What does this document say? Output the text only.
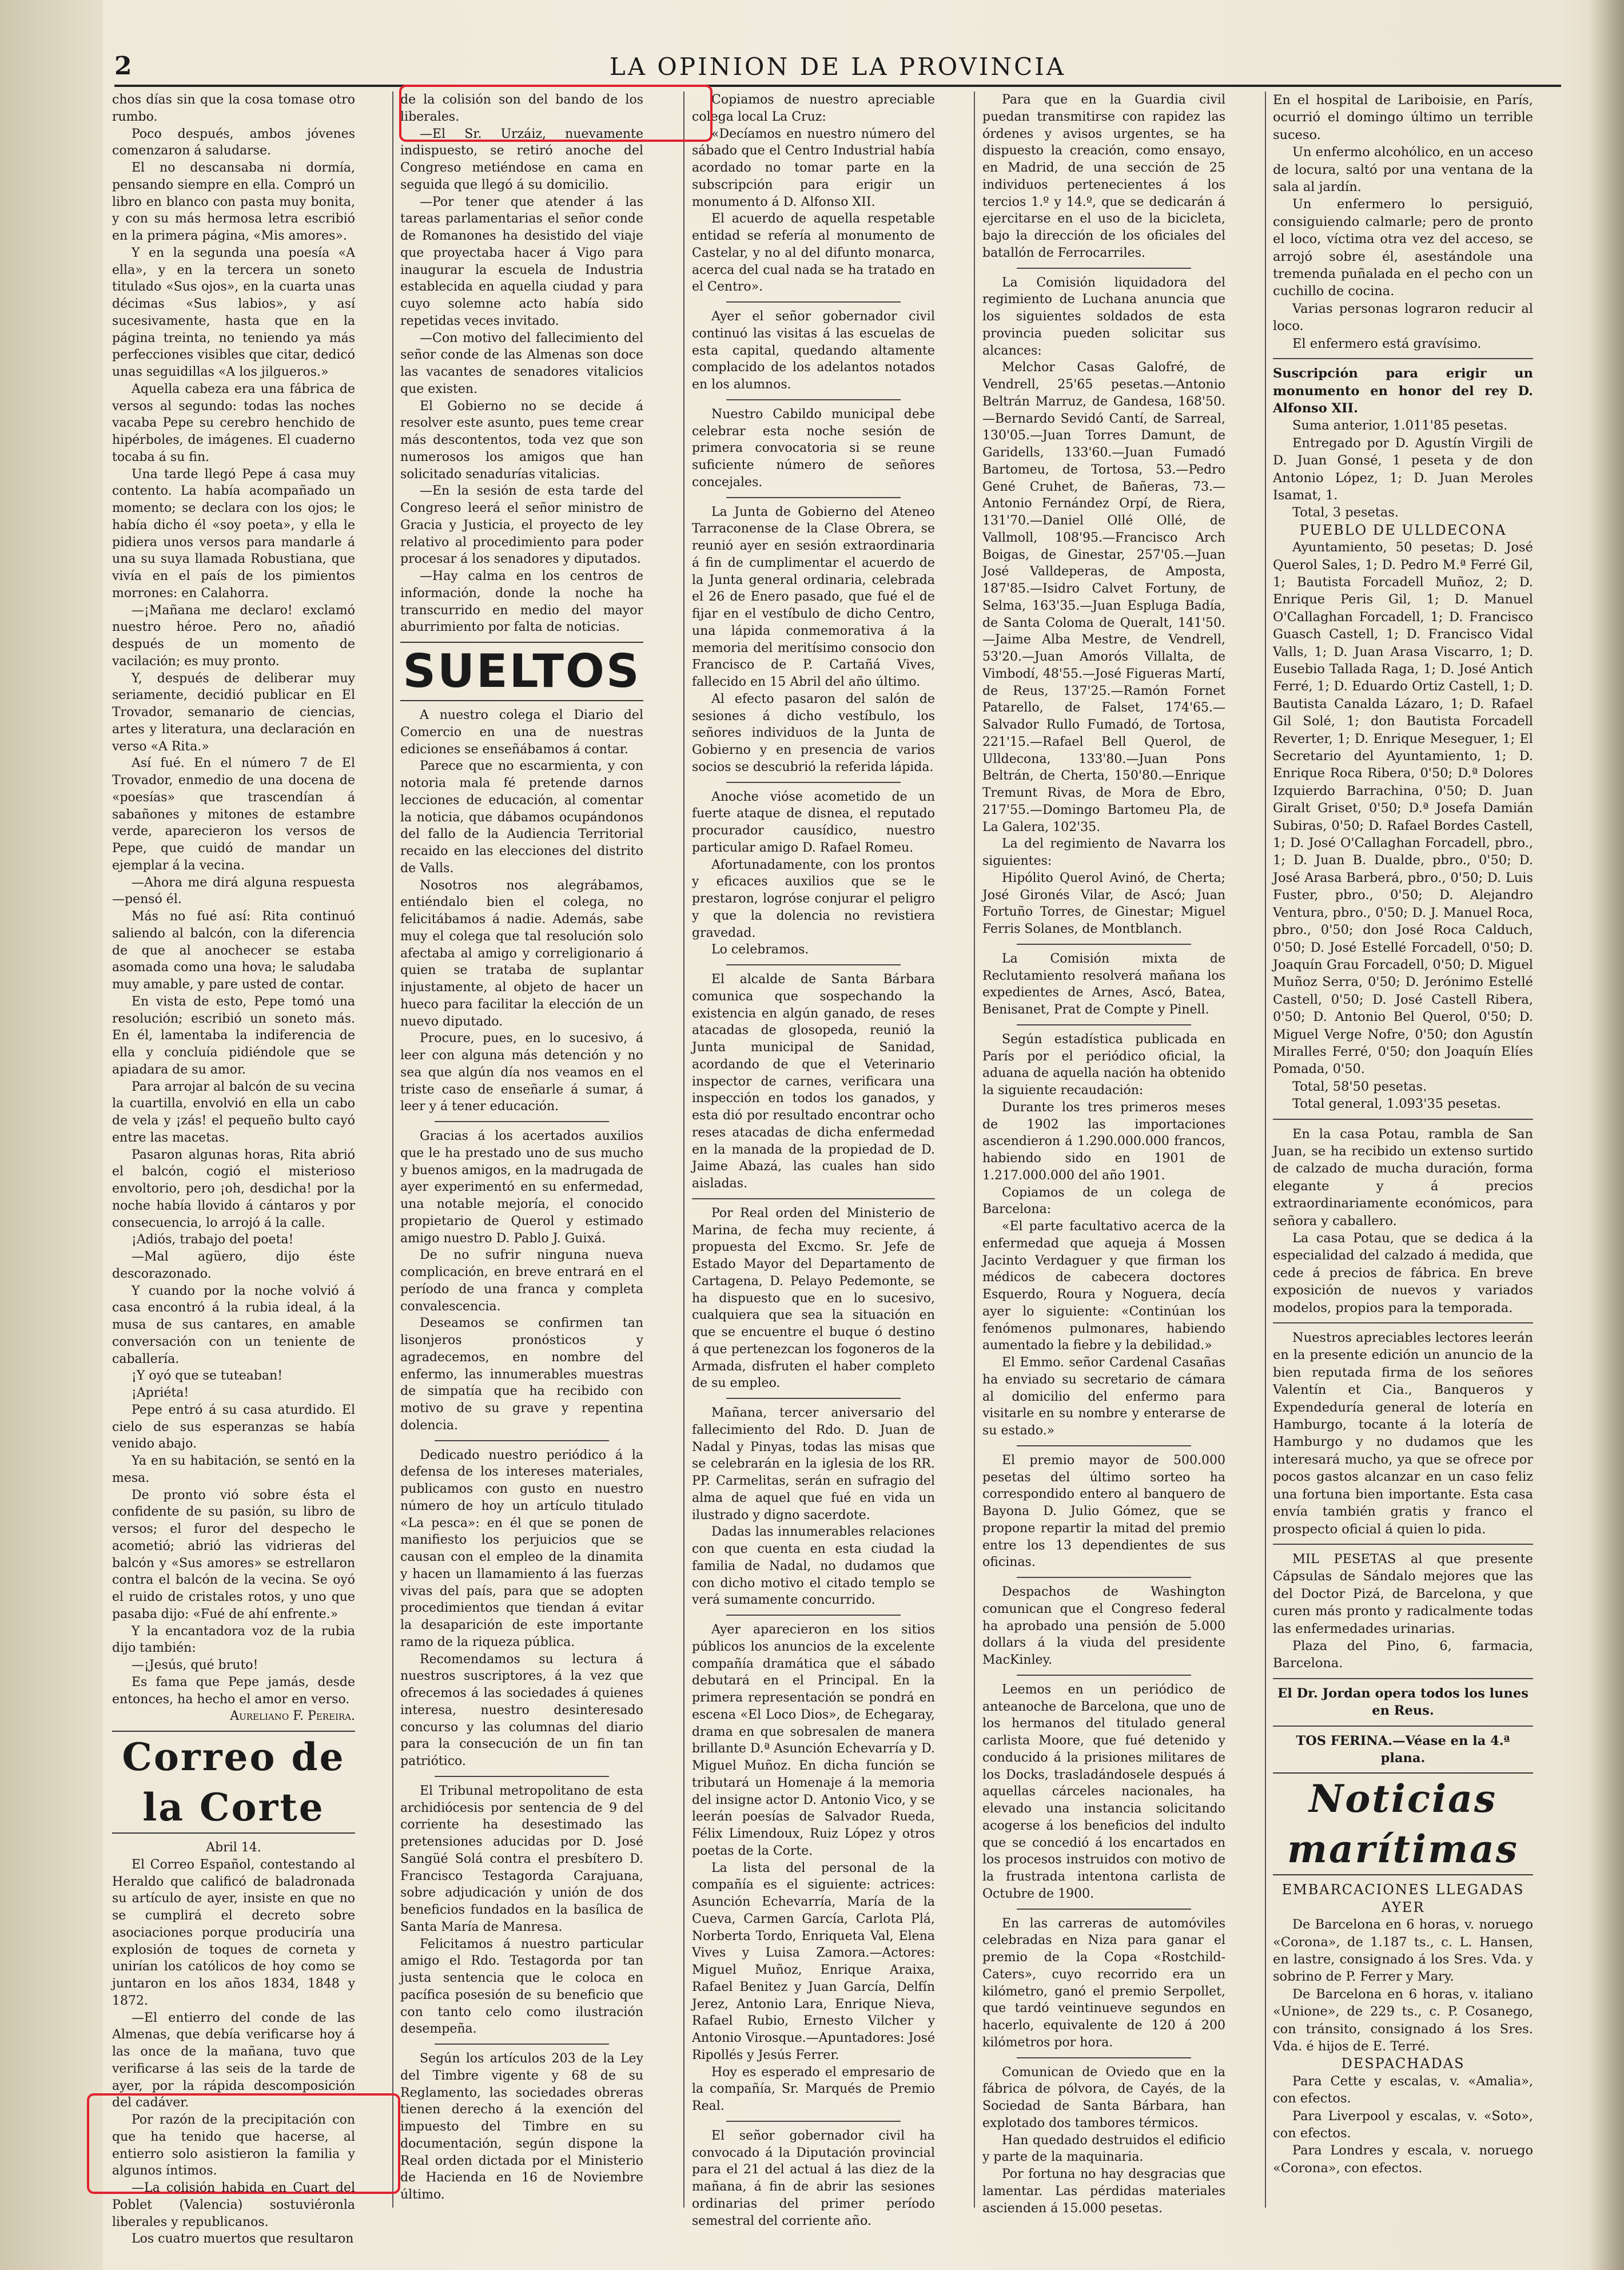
2	LA OPINION DE LA PROVINCIA

chos días sin que la cosa tomase otro rumbo.

Poco después, ambos jóvenes comenzaron á saludarse.

El no descansaba ni dormía, pensando siempre en ella. Compró un libro en blanco con pasta muy bonita, y con su más hermosa letra escribió en la primera página, «Mis amores».

Y en la segunda una poesía «A ella», y en la tercera un soneto titulado «Sus ojos», en la cuarta unas décimas «Sus labios», y así sucesivamente, hasta que en la página treinta, no teniendo ya más perfecciones visibles que citar, dedicó unas seguidillas «A los jilgueros.»

Aquella cabeza era una fábrica de versos al segundo: todas las noches vacaba Pepe su cerebro henchido de hipérboles, de imágenes. El cuaderno tocaba á su fin.

Una tarde llegó Pepe á casa muy contento. La había acompañado un momento; se declara con los ojos; le había dicho él «soy poeta», y ella le pidiera unos versos para mandarle á una su suya llamada Robustiana, que vivía en el país de los pimientos morrones: en Calahorra.

—¡Mañana me declaro! exclamó nuestro héroe. Pero no, añadió después de un momento de vacilación; es muy pronto.

Y, después de deliberar muy seriamente, decidió publicar en El Trovador, semanario de ciencias, artes y literatura, una declaración en verso «A Rita.»

Así fué. En el número 7 de El Trovador, enmedio de una docena de «poesías» que trascendían á sabañones y mitones de estambre verde, aparecieron los versos de Pepe, que cuidó de mandar un ejemplar á la vecina.

—Ahora me dirá alguna respuesta—pensó él.

Más no fué así: Rita continuó saliendo al balcón, con la diferencia de que al anochecer se estaba asomada como una hova; le saludaba muy amable, y pare usted de contar.

En vista de esto, Pepe tomó una resolución; escribió un soneto más. En él, lamentaba la indiferencia de ella y concluía pidiéndole que se apiadara de su amor.

Para arrojar al balcón de su vecina la cuartilla, envolvió en ella un cabo de vela y ¡zás! el pequeño bulto cayó entre las macetas.

Pasaron algunas horas, Rita abrió el balcón, cogió el misterioso envoltorio, pero ¡oh, desdicha! por la noche había llovido á cántaros y por consecuencia, lo arrojó á la calle.

¡Adiós, trabajo del poeta!

—Mal agüero, dijo éste descorazonado.

Y cuando por la noche volvió á casa encontró á la rubia ideal, á la musa de sus cantares, en amable conversación con un teniente de caballería.

¡Y oyó que se tuteaban!

¡Apriéta!

Pepe entró á su casa aturdido. El cielo de sus esperanzas se había venido abajo.

Ya en su habitación, se sentó en la mesa.

De pronto vió sobre ésta el confidente de su pasión, su libro de versos; el furor del despecho le acometió; abrió las vidrieras del balcón y «Sus amores» se estrellaron contra el balcón de la vecina. Se oyó el ruido de cristales rotos, y uno que pasaba dijo: «Fué de ahí enfrente.»

Y la encantadora voz de la rubia dijo también:

—¡Jesús, qué bruto!

Es fama que Pepe jamás, desde entonces, ha hecho el amor en verso.

Aureliano F. Pereira.

Correo de la Corte

Abril 14.

El Correo Español, contestando al Heraldo que calificó de baladronada su artículo de ayer, insiste en que no se cumplirá el decreto sobre asociaciones porque produciría una explosión de toques de corneta y unirían los católicos de hoy como se juntaron en los años 1834, 1848 y 1872.

—El entierro del conde de las Almenas, que debía verificarse hoy á las once de la mañana, tuvo que verificarse á las seis de la tarde de ayer, por la rápida descomposición del cadáver.

Por razón de la precipitación con que ha tenido que hacerse, al entierro solo asistieron la familia y algunos íntimos.

—La colisión habida en Cuart del Poblet (Valencia) sostuviéronla liberales y republicanos.

Los cuatro muertos que resultaron

de la colisión son del bando de los liberales.

—El Sr. Urzáiz, nuevamente indispuesto, se retiró anoche del Congreso metiéndose en cama en seguida que llegó á su domicilio.

—Por tener que atender á las tareas parlamentarias el señor conde de Romanones ha desistido del viaje que proyectaba hacer á Vigo para inaugurar la escuela de Industria establecida en aquella ciudad y para cuyo solemne acto había sido repetidas veces invitado.

—Con motivo del fallecimiento del señor conde de las Almenas son doce las vacantes de senadores vitalicios que existen.

El Gobierno no se decide á resolver este asunto, pues teme crear más descontentos, toda vez que son numerosos los amigos que han solicitado senadurías vitalicias.

—En la sesión de esta tarde del Congreso leerá el señor ministro de Gracia y Justicia, el proyecto de ley relativo al procedimiento para poder procesar á los senadores y diputados.

—Hay calma en los centros de información, donde la noche ha transcurrido en medio del mayor aburrimiento por falta de noticias.

SUELTOS

A nuestro colega el Diario del Comercio en una de nuestras ediciones se enseñábamos á contar.

Parece que no escarmienta, y con notoria mala fé pretende darnos lecciones de educación, al comentar la noticia, que dábamos ocupándonos del fallo de la Audiencia Territorial recaido en las elecciones del distrito de Valls.

Nosotros nos alegrábamos, entiéndalo bien el colega, no felicitábamos á nadie. Además, sabe muy el colega que tal resolución solo afectaba al amigo y correligionario á quien se trataba de suplantar injustamente, al objeto de hacer un hueco para facilitar la elección de un nuevo diputado.

Procure, pues, en lo sucesivo, á leer con alguna más detención y no sea que algún día nos veamos en el triste caso de enseñarle á sumar, á leer y á tener educación.

Gracias á los acertados auxilios que le ha prestado uno de sus mucho y buenos amigos, en la madrugada de ayer experimentó en su enfermedad, una notable mejoría, el conocido propietario de Querol y estimado amigo nuestro D. Pablo J. Guixá.

De no sufrir ninguna nueva complicación, en breve entrará en el período de una franca y completa convalescencia.

Deseamos se confirmen tan lisonjeros pronósticos y agradecemos, en nombre del enfermo, las innumerables muestras de simpatía que ha recibido con motivo de su grave y repentina dolencia.

Dedicado nuestro periódico á la defensa de los intereses materiales, publicamos con gusto en nuestro número de hoy un artículo titulado «La pesca»: en él que se ponen de manifiesto los perjuicios que se causan con el empleo de la dinamita y hacen un llamamiento á las fuerzas vivas del país, para que se adopten procedimientos que tiendan á evitar la desaparición de este importante ramo de la riqueza pública.

Recomendamos su lectura á nuestros suscriptores, á la vez que ofrecemos á las sociedades á quienes interesa, nuestro desinteresado concurso y las columnas del diario para la consecución de un fin tan patriótico.

El Tribunal metropolitano de esta archidiócesis por sentencia de 9 del corriente ha desestimado las pretensiones aducidas por D. José Sangüé Solá contra el presbítero D. Francisco Testagorda Carajuana, sobre adjudicación y unión de dos beneficios fundados en la basílica de Santa María de Manresa.

Felicitamos á nuestro particular amigo el Rdo. Testagorda por tan justa sentencia que le coloca en pacífica posesión de su beneficio que con tanto celo como ilustración desempeña.

Según los artículos 203 de la Ley del Timbre vigente y 68 de su Reglamento, las sociedades obreras tienen derecho á la exención del impuesto del Timbre en su documentación, según dispone la Real orden dictada por el Ministerio de Hacienda en 16 de Noviembre último.

Copiamos de nuestro apreciable colega local La Cruz:

«Decíamos en nuestro número del sábado que el Centro Industrial había acordado no tomar parte en la subscripción para erigir un monumento á D. Alfonso XII.

El acuerdo de aquella respetable entidad se refería al monumento de Castelar, y no al del difunto monarca, acerca del cual nada se ha tratado en el Centro».

Ayer el señor gobernador civil continuó las visitas á las escuelas de esta capital, quedando altamente complacido de los adelantos notados en los alumnos.

Nuestro Cabildo municipal debe celebrar esta noche sesión de primera convocatoria si se reune suficiente número de señores concejales.

La Junta de Gobierno del Ateneo Tarraconense de la Clase Obrera, se reunió ayer en sesión extraordinaria á fin de cumplimentar el acuerdo de la Junta general ordinaria, celebrada el 26 de Enero pasado, que fué el de fijar en el vestíbulo de dicho Centro, una lápida conmemorativa á la memoria del meritísimo consocio don Francisco de P. Cartañá Vives, fallecido en 15 Abril del año último.

Al efecto pasaron del salón de sesiones á dicho vestíbulo, los señores individuos de la Junta de Gobierno y en presencia de varios socios se descubrió la referida lápida.

Anoche vióse acometido de un fuerte ataque de disnea, el reputado procurador causídico, nuestro particular amigo D. Rafael Romeu.

Afortunadamente, con los prontos y eficaces auxilios que se le prestaron, logróse conjurar el peligro y que la dolencia no revistiera gravedad.

Lo celebramos.

El alcalde de Santa Bárbara comunica que sospechando la existencia en algún ganado, de reses atacadas de glosopeda, reunió la Junta municipal de Sanidad, acordando de que el Veterinario inspector de carnes, verificara una inspección en todos los ganados, y esta dió por resultado encontrar ocho reses atacadas de dicha enfermedad en la manada de la propiedad de D. Jaime Abazá, las cuales han sido aisladas.

Por Real orden del Ministerio de Marina, de fecha muy reciente, á propuesta del Excmo. Sr. Jefe de Estado Mayor del Departamento de Cartagena, D. Pelayo Pedemonte, se ha dispuesto que en lo sucesivo, cualquiera que sea la situación en que se encuentre el buque ó destino á que pertenezcan los fogoneros de la Armada, disfruten el haber completo de su empleo.

Mañana, tercer aniversario del fallecimiento del Rdo. D. Juan de Nadal y Pinyas, todas las misas que se celebrarán en la iglesia de los RR. PP. Carmelitas, serán en sufragio del alma de aquel que fué en vida un ilustrado y digno sacerdote.

Dadas las innumerables relaciones con que cuenta en esta ciudad la familia de Nadal, no dudamos que con dicho motivo el citado templo se verá sumamente concurrido.

Ayer aparecieron en los sitios públicos los anuncios de la excelente compañía dramática que el sábado debutará en el Principal. En la primera representación se pondrá en escena «El Loco Dios», de Echegaray, drama en que sobresalen de manera brillante D.ª Asunción Echevarría y D. Miguel Muñoz. En dicha función se tributará un Homenaje á la memoria del insigne actor D. Antonio Vico, y se leerán poesías de Salvador Rueda, Félix Limendoux, Ruiz López y otros poetas de la Corte.

La lista del personal de la compañía es el siguiente: actrices: Asunción Echevarría, María de la Cueva, Carmen García, Carlota Plá, Norberta Tordo, Enriqueta Val, Elena Vives y Luisa Zamora.—Actores: Miguel Muñoz, Enrique Araixa, Rafael Benitez y Juan García, Delfín Jerez, Antonio Lara, Enrique Nieva, Rafael Rubio, Ernesto Vilcher y Antonio Virosque.—Apuntadores: José Ripollés y Jesús Ferrer.

Hoy es esperado el empresario de la compañía, Sr. Marqués de Premio Real.

El señor gobernador civil ha convocado á la Diputación provincial para el 21 del actual á las diez de la mañana, á fin de abrir las sesiones ordinarias del primer período semestral del corriente año.

Para que en la Guardia civil puedan transmitirse con rapidez las órdenes y avisos urgentes, se ha dispuesto la creación, como ensayo, en Madrid, de una sección de 25 individuos pertenecientes á los tercios 1.º y 14.º, que se dedicarán á ejercitarse en el uso de la bicicleta, bajo la dirección de los oficiales del batallón de Ferrocarriles.

La Comisión liquidadora del regimiento de Luchana anuncia que los siguientes soldados de esta provincia pueden solicitar sus alcances:

Melchor Casas Galofré, de Vendrell, 25'65 pesetas.—Antonio Beltrán Marruz, de Gandesa, 168'50.—Bernardo Sevidó Cantí, de Sarreal, 130'05.—Juan Torres Damunt, de Garidells, 133'60.—Juan Fumadó Bartomeu, de Tortosa, 53.—Pedro Gené Cruhet, de Bañeras, 73.—Antonio Fernández Orpí, de Riera, 131'70.—Daniel Ollé Ollé, de Vallmoll, 108'95.—Francisco Arch Boigas, de Ginestar, 257'05.—Juan José Valldeperas, de Amposta, 187'85.—Isidro Calvet Fortuny, de Selma, 163'35.—Juan Espluga Badía, de Santa Coloma de Queralt, 141'50.—Jaime Alba Mestre, de Vendrell, 53'20.—Juan Amorós Villalta, de Vimbodí, 48'55.—José Figueras Martí, de Reus, 137'25.—Ramón Fornet Patarello, de Falset, 174'65.—Salvador Rullo Fumadó, de Tortosa, 221'15.—Rafael Bell Querol, de Ulldecona, 133'80.—Juan Pons Beltrán, de Cherta, 150'80.—Enrique Tremunt Rivas, de Mora de Ebro, 217'55.—Domingo Bartomeu Pla, de La Galera, 102'35.

La del regimiento de Navarra los siguientes:

Hipólito Querol Avinó, de Cherta; José Gironés Vilar, de Ascó; Juan Fortuño Torres, de Ginestar; Miguel Ferris Solanes, de Montblanch.

La Comisión mixta de Reclutamiento resolverá mañana los expedientes de Arnes, Ascó, Batea, Benisanet, Prat de Compte y Pinell.

Según estadística publicada en París por el periódico oficial, la aduana de aquella nación ha obtenido la siguiente recaudación:

Durante los tres primeros meses de 1902 las importaciones ascendieron á 1.290.000.000 francos, habiendo sido en 1901 de 1.217.000.000 del año 1901.

Copiamos de un colega de Barcelona:

«El parte facultativo acerca de la enfermedad que aqueja á Mossen Jacinto Verdaguer y que firman los médicos de cabecera doctores Esquerdo, Roura y Noguera, decía ayer lo siguiente: «Continúan los fenómenos pulmonares, habiendo aumentado la fiebre y la debilidad.»

El Emmo. señor Cardenal Casañas ha enviado su secretario de cámara al domicilio del enfermo para visitarle en su nombre y enterarse de su estado.»

El premio mayor de 500.000 pesetas del último sorteo ha correspondido entero al banquero de Bayona D. Julio Gómez, que se propone repartir la mitad del premio entre los 13 dependientes de sus oficinas.

Despachos de Washington comunican que el Congreso federal ha aprobado una pensión de 5.000 dollars á la viuda del presidente MacKinley.

Leemos en un periódico de anteanoche de Barcelona, que uno de los hermanos del titulado general carlista Moore, que fué detenido y conducido á la prisiones militares de los Docks, trasladándosele después á aquellas cárceles nacionales, ha elevado una instancia solicitando acogerse á los beneficios del indulto que se concedió á los encartados en los procesos instruidos con motivo de la frustrada intentona carlista de Octubre de 1900.

En las carreras de automóviles celebradas en Niza para ganar el premio de la Copa «Rostchild-Caters», cuyo recorrido era un kilómetro, ganó el premio Serpollet, que tardó veintinueve segundos en hacerlo, equivalente de 120 á 200 kilómetros por hora.

Comunican de Oviedo que en la fábrica de pólvora, de Cayés, de la Sociedad de Santa Bárbara, han explotado dos tambores térmicos.

Han quedado destruidos el edificio y parte de la maquinaria.

Por fortuna no hay desgracias que lamentar. Las pérdidas materiales ascienden á 15.000 pesetas.

En el hospital de Lariboisie, en París, ocurrió el domingo último un terrible suceso.

Un enfermo alcohólico, en un acceso de locura, saltó por una ventana de la sala al jardín.

Un enfermero lo persiguió, consiguiendo calmarle; pero de pronto el loco, víctima otra vez del acceso, se arrojó sobre él, asestándole una tremenda puñalada en el pecho con un cuchillo de cocina.

Varias personas lograron reducir al loco.

El enfermero está gravísimo.

Suscripción para erigir un monumento en honor del rey D. Alfonso XII.

Suma anterior, 1.011'85 pesetas.

Entregado por D. Agustín Virgili de D. Juan Gonsé, 1 peseta y de don Antonio López, 1; D. Juan Meroles Isamat, 1.

Total, 3 pesetas.

PUEBLO DE ULLDECONA

Ayuntamiento, 50 pesetas; D. José Querol Sales, 1; D. Pedro M.ª Ferré Gil, 1; Bautista Forcadell Muñoz, 2; D. Enrique Peris Gil, 1; D. Manuel O'Callaghan Forcadell, 1; D. Francisco Guasch Castell, 1; D. Francisco Vidal Valls, 1; D. Juan Arasa Viscarro, 1; D. Eusebio Tallada Raga, 1; D. José Antich Ferré, 1; D. Eduardo Ortiz Castell, 1; D. Bautista Canalda Lázaro, 1; D. Rafael Gil Solé, 1; don Bautista Forcadell Reverter, 1; D. Enrique Meseguer, 1; El Secretario del Ayuntamiento, 1; D. Enrique Roca Ribera, 0'50; D.ª Dolores Izquierdo Barrachina, 0'50; D. Juan Giralt Griset, 0'50; D.ª Josefa Damián Subiras, 0'50; D. Rafael Bordes Castell, 1; D. José O'Callaghan Forcadell, pbro., 1; D. Juan B. Dualde, pbro., 0'50; D. José Arasa Barberá, pbro., 0'50; D. Luis Fuster, pbro., 0'50; D. Alejandro Ventura, pbro., 0'50; D. J. Manuel Roca, pbro., 0'50; don José Roca Calduch, 0'50; D. José Estellé Forcadell, 0'50; D. Joaquín Grau Forcadell, 0'50; D. Miguel Muñoz Serra, 0'50; D. Jerónimo Estellé Castell, 0'50; D. José Castell Ribera, 0'50; D. Antonio Bel Querol, 0'50; D. Miguel Verge Nofre, 0'50; don Agustín Miralles Ferré, 0'50; don Joaquín Elíes Pomada, 0'50.

Total, 58'50 pesetas.

Total general, 1.093'35 pesetas.

En la casa Potau, rambla de San Juan, se ha recibido un extenso surtido de calzado de mucha duración, forma elegante y á precios extraordinariamente económicos, para señora y caballero.

La casa Potau, que se dedica á la especialidad del calzado á medida, que cede á precios de fábrica. En breve exposición de nuevos y variados modelos, propios para la temporada.

Nuestros apreciables lectores leerán en la presente edición un anuncio de la bien reputada firma de los señores Valentín et Cia., Banqueros y Expendeduría general de lotería en Hamburgo, tocante á la lotería de Hamburgo y no dudamos que les interesará mucho, ya que se ofrece por pocos gastos alcanzar en un caso feliz una fortuna bien importante. Esta casa envía también gratis y franco el prospecto oficial á quien lo pida.

MIL PESETAS al que presente Cápsulas de Sándalo mejores que las del Doctor Pizá, de Barcelona, y que curen más pronto y radicalmente todas las enfermedades urinarias.

Plaza del Pino, 6, farmacia, Barcelona.

El Dr. Jordan opera todos los lunes en Reus.

TOS FERINA.—Véase en la 4.ª plana.

Noticias marítimas

EMBARCACIONES LLEGADAS AYER

De Barcelona en 6 horas, v. noruego «Corona», de 1.187 ts., c. L. Hansen, en lastre, consignado á los Sres. Vda. y sobrino de P. Ferrer y Mary.

De Barcelona en 6 horas, v. italiano «Unione», de 229 ts., c. P. Cosanego, con tránsito, consignado á los Sres. Vda. é hijos de E. Terré.

DESPACHADAS

Para Cette y escalas, v. «Amalia», con efectos.

Para Liverpool y escalas, v. «Soto», con efectos.

Para Londres y escala, v. noruego «Corona», con efectos.
